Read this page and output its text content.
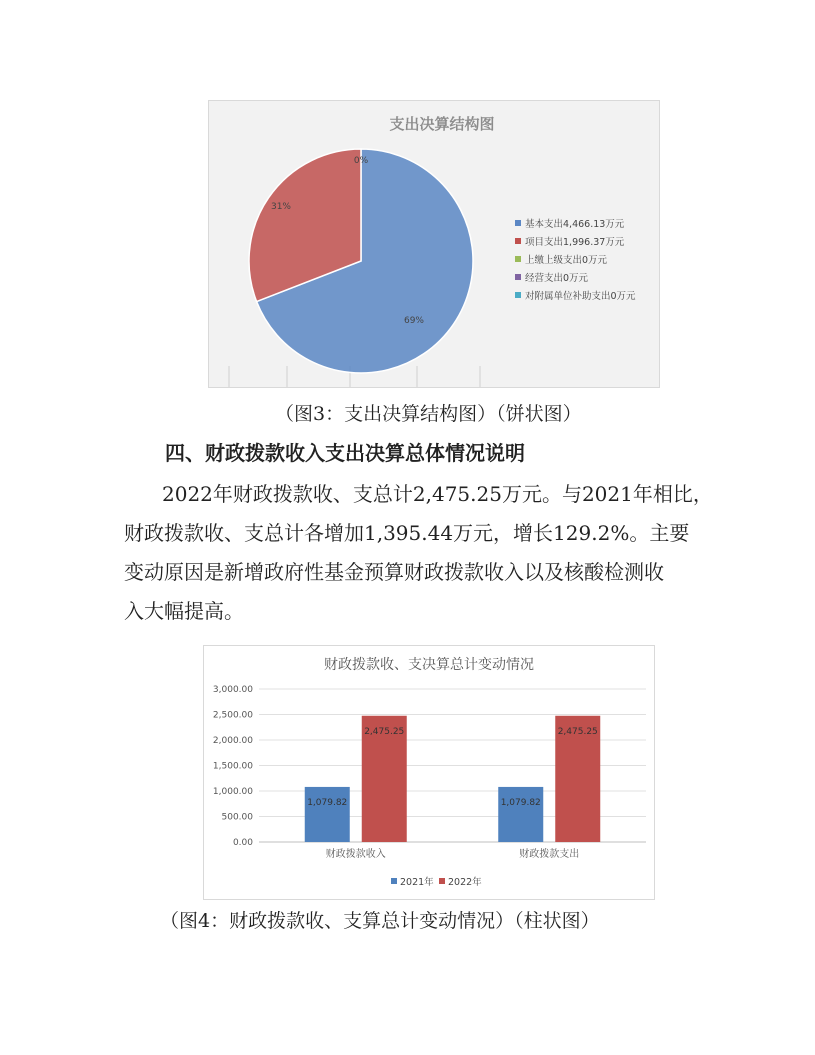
支出决算结构图
69%
31%
0%
基本支出4,466.13万元
项目支出1,996.37万元
上缴上级支出0万元
经营支出0万元
对附属单位补助支出0万元
（图3：支出决算结构图）（饼状图）
四、财政拨款收入支出决算总体情况说明
2022年财政拨款收、支总计2,475.25万元。与2021年相比，
财政拨款收、支总计各增加1,395.44万元，增长129.2%。主要
变动原因是新增政府性基金预算财政拨款收入以及核酸检测收
入大幅提高。
财政拨款收、支决算总计变动情况
0.00
500.00
1,000.00
1,500.00
2,000.00
2,500.00
3,000.00
1,079.82
2,475.25
财政拨款收入
1,079.82
2,475.25
财政拨款支出
2021年 2022年
（图4：财政拨款收、支算总计变动情况）（柱状图）
